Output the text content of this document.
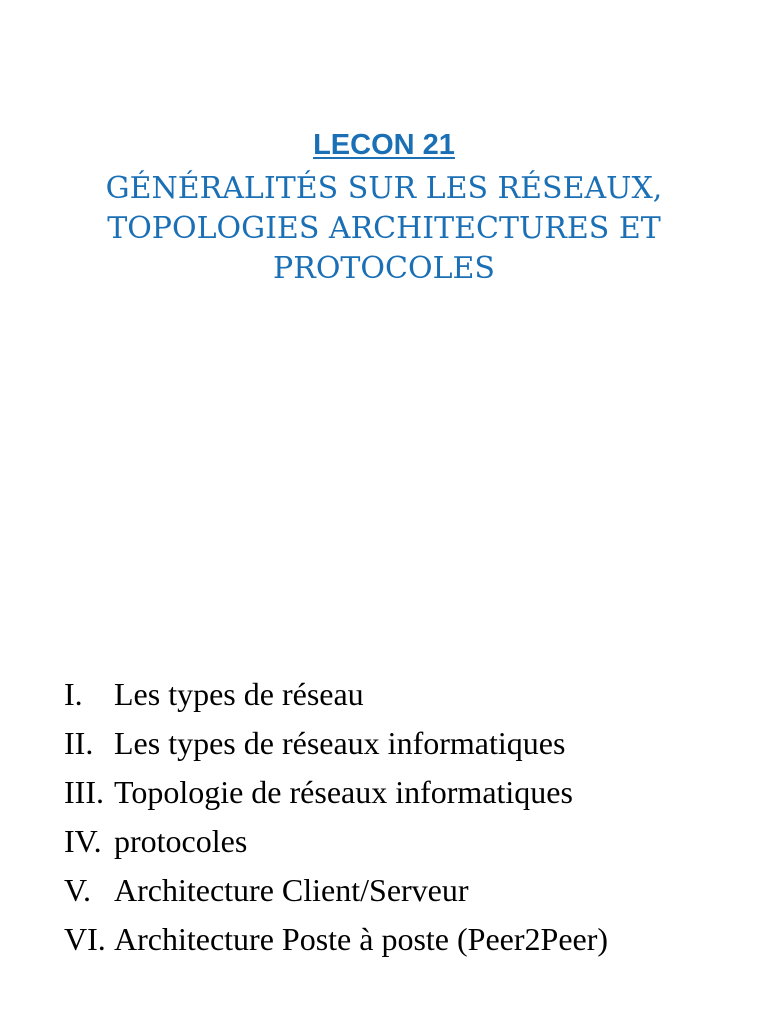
LECON 21
GÉNÉRALITÉS SUR LES RÉSEAUX,
TOPOLOGIES ARCHITECTURES ET
PROTOCOLES
I. Les types de réseau
II. Les types de réseaux informatiques
III. Topologie de réseaux informatiques
IV. protocoles
V. Architecture Client/Serveur
VI. Architecture Poste à poste (Peer2Peer)
